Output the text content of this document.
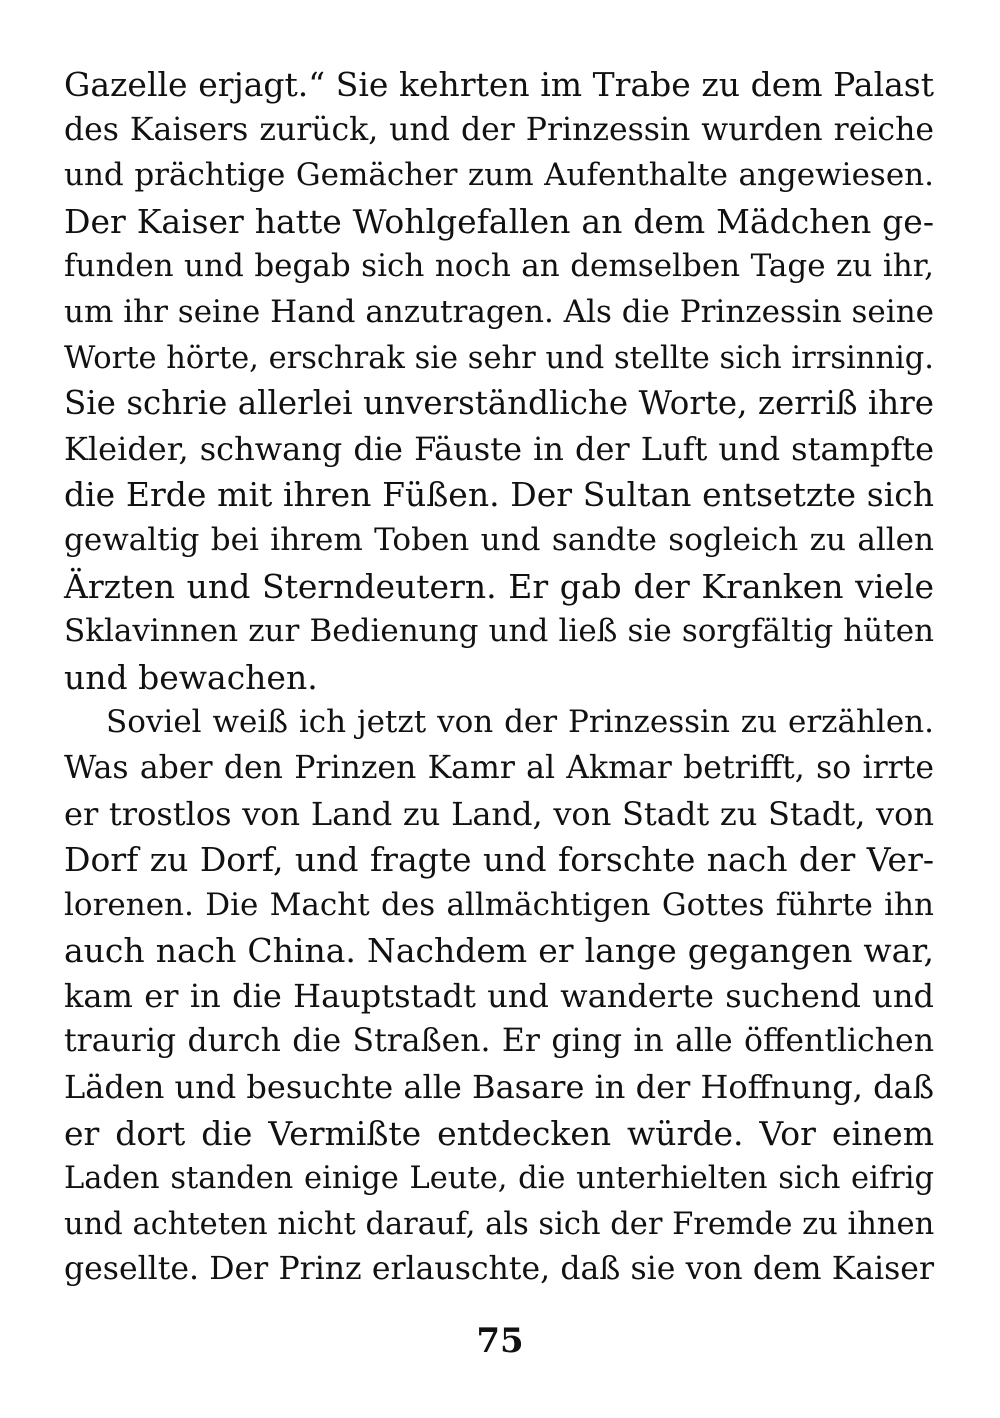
Gazelle erjagt.“ Sie kehrten im Trabe zu dem Palast
des Kaisers zurück, und der Prinzessin wurden reiche
und prächtige Gemächer zum Aufenthalte angewiesen.
Der Kaiser hatte Wohlgefallen an dem Mädchen ge-
funden und begab sich noch an demselben Tage zu ihr,
um ihr seine Hand anzutragen. Als die Prinzessin seine
Worte hörte, erschrak sie sehr und stellte sich irrsinnig.
Sie schrie allerlei unverständliche Worte, zerriß ihre
Kleider, schwang die Fäuste in der Luft und stampfte
die Erde mit ihren Füßen. Der Sultan entsetzte sich
gewaltig bei ihrem Toben und sandte sogleich zu allen
Ärzten und Sterndeutern. Er gab der Kranken viele
Sklavinnen zur Bedienung und ließ sie sorgfältig hüten
und bewachen.
Soviel weiß ich jetzt von der Prinzessin zu erzählen.
Was aber den Prinzen Kamr al Akmar betrifft, so irrte
er trostlos von Land zu Land, von Stadt zu Stadt, von
Dorf zu Dorf, und fragte und forschte nach der Ver-
lorenen. Die Macht des allmächtigen Gottes führte ihn
auch nach China. Nachdem er lange gegangen war,
kam er in die Hauptstadt und wanderte suchend und
traurig durch die Straßen. Er ging in alle öffentlichen
Läden und besuchte alle Basare in der Hoffnung, daß
er dort die Vermißte entdecken würde. Vor einem
Laden standen einige Leute, die unterhielten sich eifrig
und achteten nicht darauf, als sich der Fremde zu ihnen
gesellte. Der Prinz erlauschte, daß sie von dem Kaiser
75
